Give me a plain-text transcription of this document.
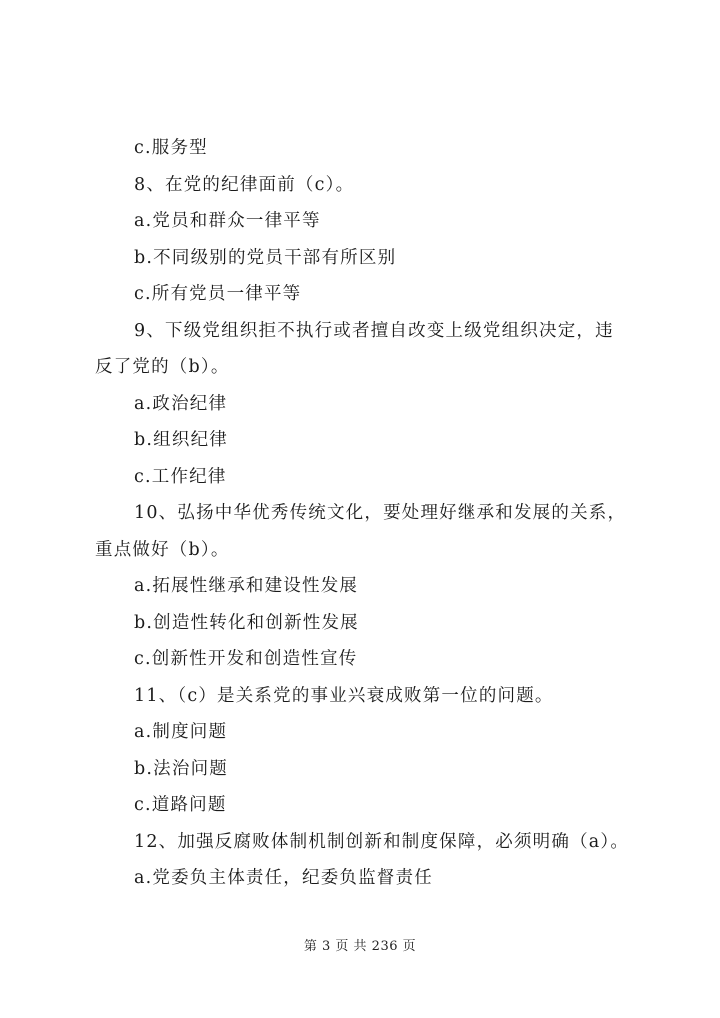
c.服务型
8、在党的纪律面前（c）。
a.党员和群众一律平等
b.不同级别的党员干部有所区别
c.所有党员一律平等
9、下级党组织拒不执行或者擅自改变上级党组织决定，违
反了党的（b）。
a.政治纪律
b.组织纪律
c.工作纪律
10、弘扬中华优秀传统文化，要处理好继承和发展的关系，
重点做好（b）。
a.拓展性继承和建设性发展
b.创造性转化和创新性发展
c.创新性开发和创造性宣传
11、（c）是关系党的事业兴衰成败第一位的问题。
a.制度问题
b.法治问题
c.道路问题
12、加强反腐败体制机制创新和制度保障，必须明确（a）。
a.党委负主体责任，纪委负监督责任
第 3 页 共 236 页
